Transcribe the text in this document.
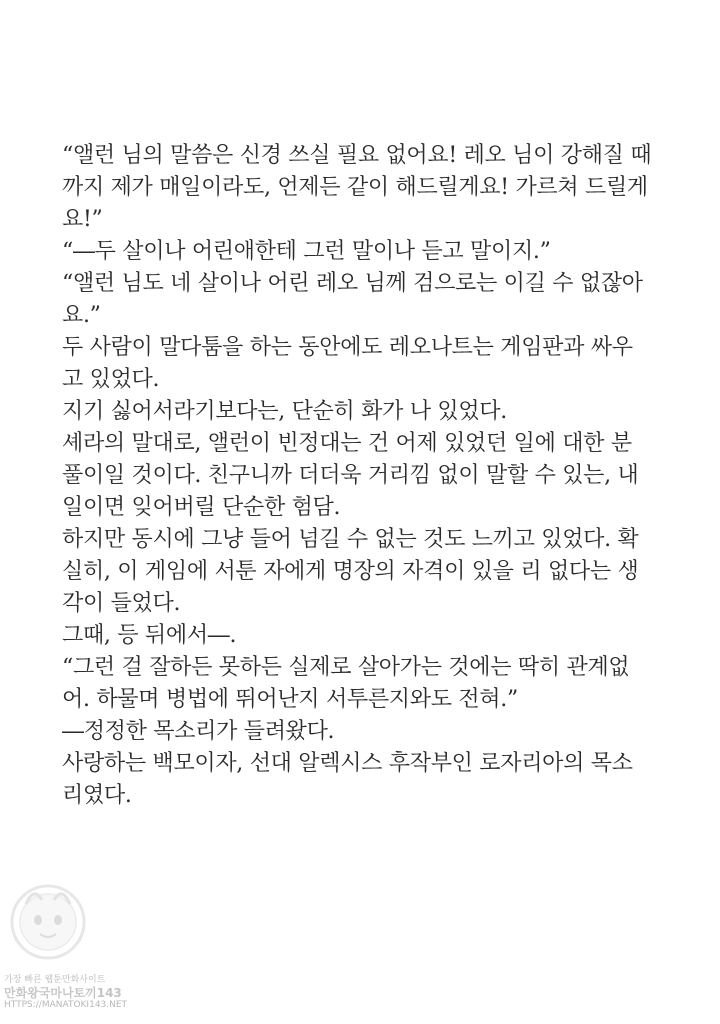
“앨런 님의 말씀은 신경 쓰실 필요 없어요! 레오 님이 강해질 때
까지 제가 매일이라도, 언제든 같이 해드릴게요! 가르쳐 드릴게
요!”
“―두 살이나 어린애한테 그런 말이나 듣고 말이지.”
“앨런 님도 네 살이나 어린 레오 님께 검으로는 이길 수 없잖아
요.”
두 사람이 말다툼을 하는 동안에도 레오나트는 게임판과 싸우
고 있었다.
지기 싫어서라기보다는, 단순히 화가 나 있었다.
셰라의 말대로, 앨런이 빈정대는 건 어제 있었던 일에 대한 분
풀이일 것이다. 친구니까 더더욱 거리낌 없이 말할 수 있는, 내
일이면 잊어버릴 단순한 험담.
하지만 동시에 그냥 들어 넘길 수 없는 것도 느끼고 있었다. 확
실히, 이 게임에 서툰 자에게 명장의 자격이 있을 리 없다는 생
각이 들었다.
그때, 등 뒤에서―.
“그런 걸 잘하든 못하든 실제로 살아가는 것에는 딱히 관계없
어. 하물며 병법에 뛰어난지 서투른지와도 전혀.”
―정정한 목소리가 들려왔다.
사랑하는 백모이자, 선대 알렉시스 후작부인 로자리아의 목소
리였다.
가장 빠른 웹툰만화사이트
만화왕국마나토끼143
HTTPS://MANATOKI143.NET
